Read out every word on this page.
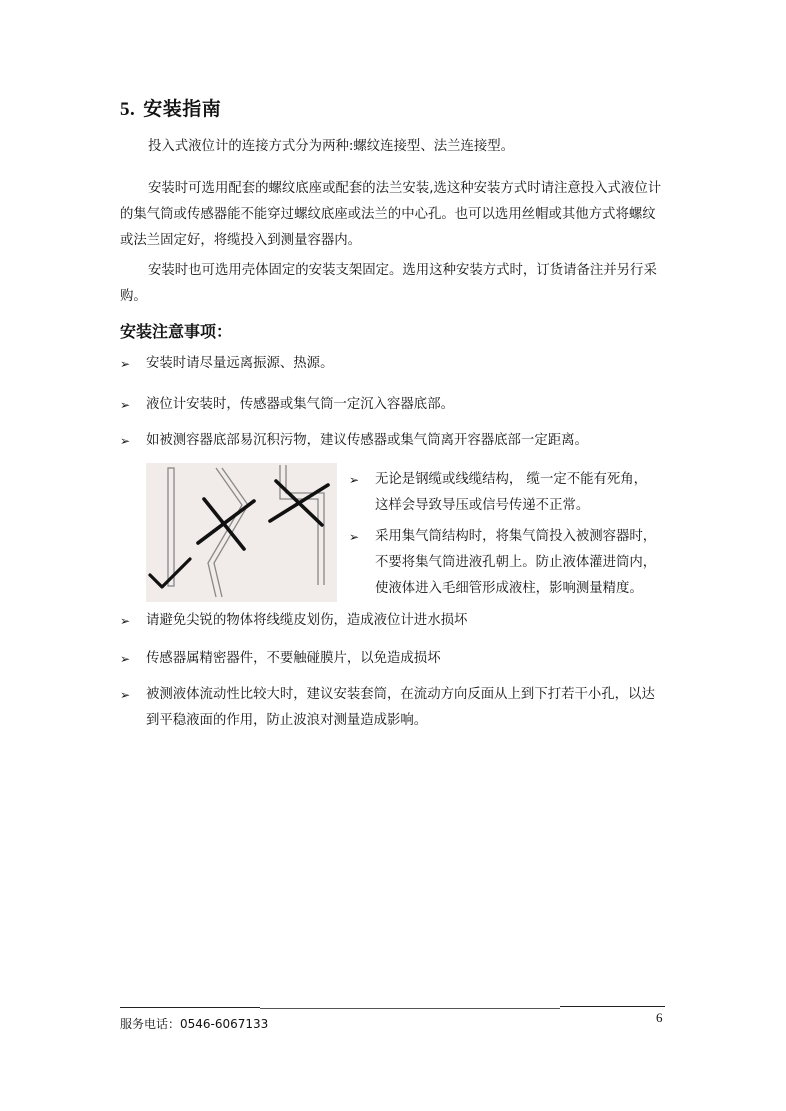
5. 安装指南
投入式液位计的连接方式分为两种:螺纹连接型、法兰连接型。
安装时可选用配套的螺纹底座或配套的法兰安装,选这种安装方式时请注意投入式液位计的集气筒或传感器能不能穿过螺纹底座或法兰的中心孔。也可以选用丝帽或其他方式将螺纹或法兰固定好，将缆投入到测量容器内。
安装时也可选用壳体固定的安装支架固定。选用这种安装方式时，订货请备注并另行采购。
安装注意事项：
➢	安装时请尽量远离振源、热源。
➢	液位计安装时，传感器或集气筒一定沉入容器底部。
➢	如被测容器底部易沉积污物，建议传感器或集气筒离开容器底部一定距离。
➢	无论是钢缆或线缆结构， 缆一定不能有死角，
这样会导致导压或信号传递不正常。
➢	采用集气筒结构时，将集气筒投入被测容器时，
不要将集气筒进液孔朝上。防止液体灌进筒内，
使液体进入毛细管形成液柱，影响测量精度。
➢	请避免尖锐的物体将线缆皮划伤，造成液位计进水损坏
➢	传感器属精密器件，不要触碰膜片，以免造成损坏
➢	被测液体流动性比较大时，建议安装套筒，在流动方向反面从上到下打若干小孔，以达
到平稳液面的作用，防止波浪对测量造成影响。
服务电话：0546-6067133	6
